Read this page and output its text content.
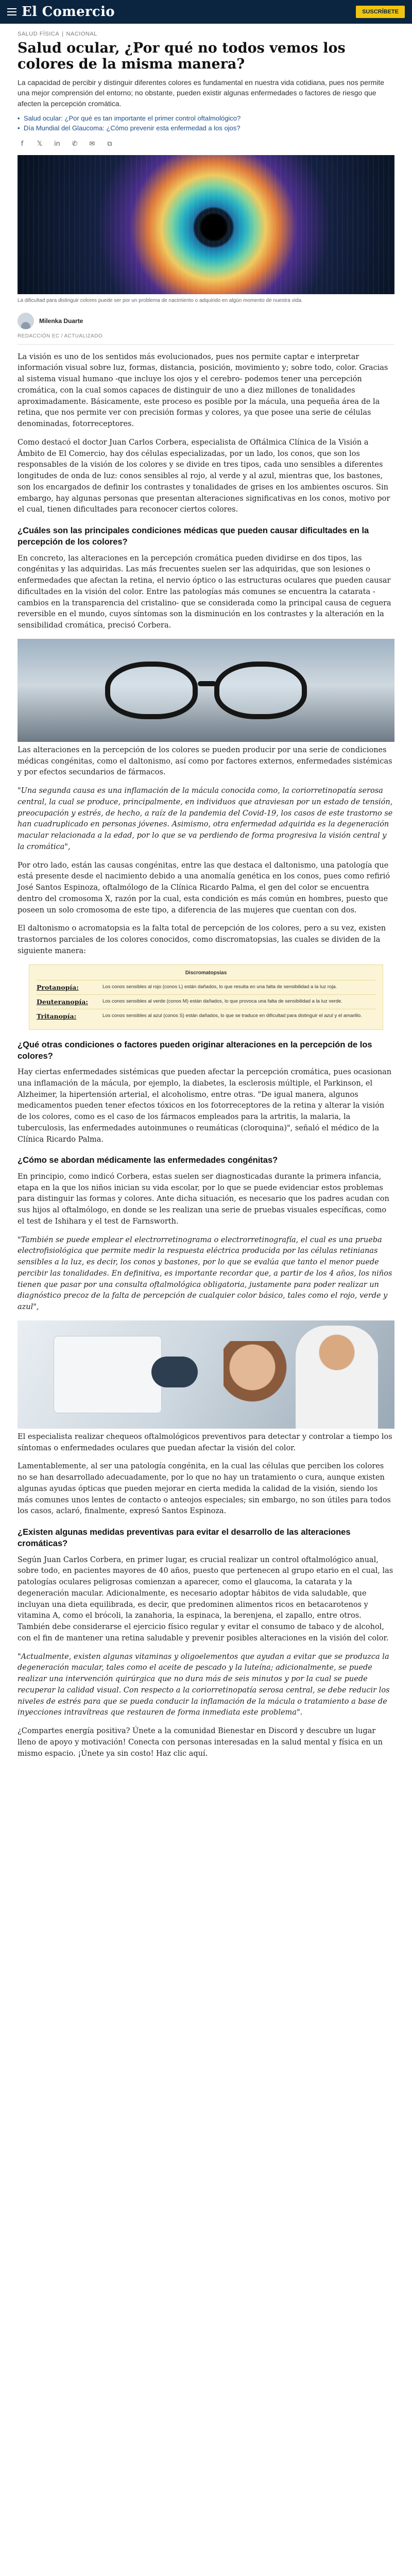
El Comercio	SUSCRÍBETE
SALUD FÍSICA | NACIONAL
Salud ocular, ¿Por qué no todos vemos los colores de la misma manera?

La capacidad de percibir y distinguir diferentes colores es fundamental en nuestra vida cotidiana, pues nos permite una mejor comprensión del entorno; no obstante, pueden existir algunas enfermedades o factores de riesgo que afecten la percepción cromática.

• Salud ocular: ¿Por qué es tan importante el primer control oftalmológico?
• Día Mundial del Glaucoma: ¿Cómo prevenir esta enfermedad a los ojos?
f	𝕏 in ✆ ✉	⧉

La dificultad para distinguir colores puede ser por un problema de nacimiento o adquirido en algún momento de nuestra vida.

Milenka Duarte
REDACCIÓN EC / ACTUALIZADO

La visión es uno de los sentidos más evolucionados, pues nos permite captar e interpretar información visual sobre luz, formas, distancia, posición, movimiento y; sobre todo, color. Gracias al sistema visual humano -que incluye los ojos y el cerebro- podemos tener una percepción cromática, con la cual somos capaces de distinguir de uno a diez millones de tonalidades aproximadamente. Básicamente, este proceso es posible por la mácula, una pequeña área de la retina, que nos permite ver con precisión formas y colores, ya que posee una serie de células denominadas, fotorreceptores.

Como destacó el doctor Juan Carlos Corbera, especialista de Oftálmica Clínica de la Visión a Ámbito de El Comercio, hay dos células especializadas, por un lado, los conos, que son los responsables de la visión de los colores y se divide en tres tipos, cada uno sensibles a diferentes longitudes de onda de luz: conos sensibles al rojo, al verde y al azul, mientras que, los bastones, son los encargados de definir los contrastes y tonalidades de grises en los ambientes oscuros. Sin embargo, hay algunas personas que presentan alteraciones significativas en los conos, motivo por el cual, tienen dificultades para reconocer ciertos colores.

¿Cuáles son las principales condiciones médicas que pueden causar dificultades en la percepción de los colores?

En concreto, las alteraciones en la percepción cromática pueden dividirse en dos tipos, las congénitas y las adquiridas. Las más frecuentes suelen ser las adquiridas, que son lesiones o enfermedades que afectan la retina, el nervio óptico o las estructuras oculares que pueden causar dificultades en la visión del color. Entre las patologías más comunes se encuentra la catarata -cambios en la transparencia del cristalino- que se considerada como la principal causa de ceguera reversible en el mundo, cuyos síntomas son la disminución en los contrastes y la alteración en la sensibilidad cromática, precisó Corbera.

Las alteraciones en la percepción de los colores se pueden producir por una serie de condiciones médicas congénitas, como el daltonismo, así como por factores externos, enfermedades sistémicas y por efectos secundarios de fármacos.

"Una segunda causa es una inflamación de la mácula conocida como, la coriorretinopatía serosa central, la cual se produce, principalmente, en individuos que atraviesan por un estado de tensión, preocupación y estrés, de hecho, a raíz de la pandemia del Covid-19, los casos de este trastorno se han cuadruplicado en personas jóvenes. Asimismo, otra enfermedad adquirida es la degeneración macular relacionada a la edad, por lo que se va perdiendo de forma progresiva la visión central y la cromática",

Por otro lado, están las causas congénitas, entre las que destaca el daltonismo, una patología que está presente desde el nacimiento debido a una anomalía genética en los conos, pues como refirió José Santos Espinoza, oftalmólogo de la Clínica Ricardo Palma, el gen del color se encuentra dentro del cromosoma X, razón por la cual, esta condición es más común en hombres, puesto que poseen un solo cromosoma de este tipo, a diferencia de las mujeres que cuentan con dos.

El daltonismo o acromatopsia es la falta total de percepción de los colores, pero a su vez, existen trastornos parciales de los colores conocidos, como discromatopsias, las cuales se dividen de la siguiente manera:

Discromatopsias
Protanopía:	Los conos sensibles al rojo (conos L) están dañados, lo que resulta en una falta de sensibilidad a la luz roja.
Deuteranopía:	Los conos sensibles al verde (conos M) están dañados, lo que provoca una falta de sensibilidad a la luz verde.
Tritanopía:	Los conos sensibles al azul (conos S) están dañados, lo que se traduce en dificultad para distinguir el azul y el amarillo.
¿Qué otras condiciones o factores pueden originar alteraciones en la percepción de los colores?

Hay ciertas enfermedades sistémicas que pueden afectar la percepción cromática, pues ocasionan una inflamación de la mácula, por ejemplo, la diabetes, la esclerosis múltiple, el Parkinson, el Alzheimer, la hipertensión arterial, el alcoholismo, entre otras. "De igual manera, algunos medicamentos pueden tener efectos tóxicos en los fotorreceptores de la retina y alterar la visión de los colores, como es el caso de los fármacos empleados para la artritis, la malaria, la tuberculosis, las enfermedades autoinmunes o reumáticas (cloroquina)", señaló el médico de la Clínica Ricardo Palma.

¿Cómo se abordan médicamente las enfermedades congénitas?

En principio, como indicó Corbera, estas suelen ser diagnosticadas durante la primera infancia, etapa en la que los niños inician su vida escolar, por lo que se puede evidenciar estos problemas para distinguir las formas y colores. Ante dicha situación, es necesario que los padres acudan con sus hijos al oftalmólogo, en donde se les realizan una serie de pruebas visuales específicas, como el test de Ishihara y el test de Farnsworth.

"También se puede emplear el electrorretinograma o electrorretinografía, el cual es una prueba electrofisiológica que permite medir la respuesta eléctrica producida por las células retinianas sensibles a la luz, es decir, los conos y bastones, por lo que se evalúa que tanto el menor puede percibir las tonalidades. En definitiva, es importante recordar que, a partir de los 4 años, los niños tienen que pasar por una consulta oftalmológica obligatoria, justamente para poder realizar un diagnóstico precoz de la falta de percepción de cualquier color básico, tales como el rojo, verde y azul",

El especialista realizar chequeos oftalmológicos preventivos para detectar y controlar a tiempo los síntomas o enfermedades oculares que puedan afectar la visión del color.

Lamentablemente, al ser una patología congénita, en la cual las células que perciben los colores no se han desarrollado adecuadamente, por lo que no hay un tratamiento o cura, aunque existen algunas ayudas ópticas que pueden mejorar en cierta medida la calidad de la visión, siendo los más comunes unos lentes de contacto o anteojos especiales; sin embargo, no son útiles para todos los casos, aclaró, finalmente, expresó Santos Espinoza.

¿Existen algunas medidas preventivas para evitar el desarrollo de las alteraciones cromáticas?

Según Juan Carlos Corbera, en primer lugar, es crucial realizar un control oftalmológico anual, sobre todo, en pacientes mayores de 40 años, puesto que pertenecen al grupo etario en el cual, las patologías oculares peligrosas comienzan a aparecer, como el glaucoma, la catarata y la degeneración macular. Adicionalmente, es necesario adoptar hábitos de vida saludable, que incluyan una dieta equilibrada, es decir, que predominen alimentos ricos en betacarotenos y vitamina A, como el brócoli, la zanahoria, la espinaca, la berenjena, el zapallo, entre otros. También debe considerarse el ejercicio físico regular y evitar el consumo de tabaco y de alcohol, con el fin de mantener una retina saludable y prevenir posibles alteraciones en la visión del color.

"Actualmente, existen algunas vitaminas y oligoelementos que ayudan a evitar que se produzca la degeneración macular, tales como el aceite de pescado y la luteína; adicionalmente, se puede realizar una intervención quirúrgica que no dura más de seis minutos y por la cual se puede recuperar la calidad visual. Con respecto a la coriorretinopatía serosa central, se debe reducir los niveles de estrés para que se pueda conducir la inflamación de la mácula o tratamiento a base de inyecciones intravítreas que restauren de forma inmediata este problema".

¿Compartes energía positiva? Únete a la comunidad Bienestar en Discord y descubre un lugar lleno de apoyo y motivación! Conecta con personas interesadas en la salud mental y física en un mismo espacio. ¡Únete ya sin costo! Haz clic aquí.
